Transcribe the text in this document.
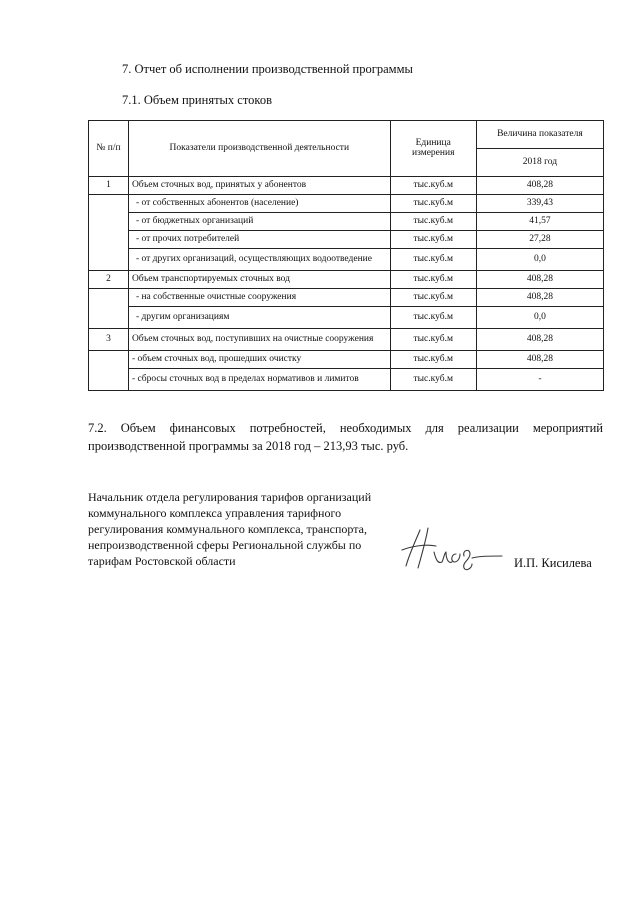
7. Отчет об исполнении производственной программы
7.1. Объем принятых стоков
№ п/п	Показатели производственной деятельности	Единица измерения	Величина показателя
			2018 год
1	Объем сточных вод, принятых у абонентов	тыс.куб.м	408,28
	- от собственных абонентов (население)	тыс.куб.м	339,43
	- от бюджетных организаций	тыс.куб.м	41,57
	- от прочих потребителей	тыс.куб.м	27,28
	- от других организаций, осуществляющих водоотведение	тыс.куб.м	0,0
2	Объем транспортируемых сточных вод	тыс.куб.м	408,28
	- на собственные очистные сооружения	тыс.куб.м	408,28
	- другим организациям	тыс.куб.м	0,0
3	Объем сточных вод, поступивших на очистные сооружения	тыс.куб.м	408,28
	- объем сточных вод, прошедших очистку	тыс.куб.м	408,28
	- сбросы сточных вод в пределах нормативов и лимитов	тыс.куб.м	-
7.2. Объем финансовых потребностей, необходимых для реализации мероприятий
производственной программы за 2018 год – 213,93 тыс. руб.
Начальник отдела регулирования тарифов организаций
коммунального комплекса управления тарифного
регулирования коммунального комплекса, транспорта,
непроизводственной сферы Региональной службы по
тарифам Ростовской области	И.П. Кисилева
